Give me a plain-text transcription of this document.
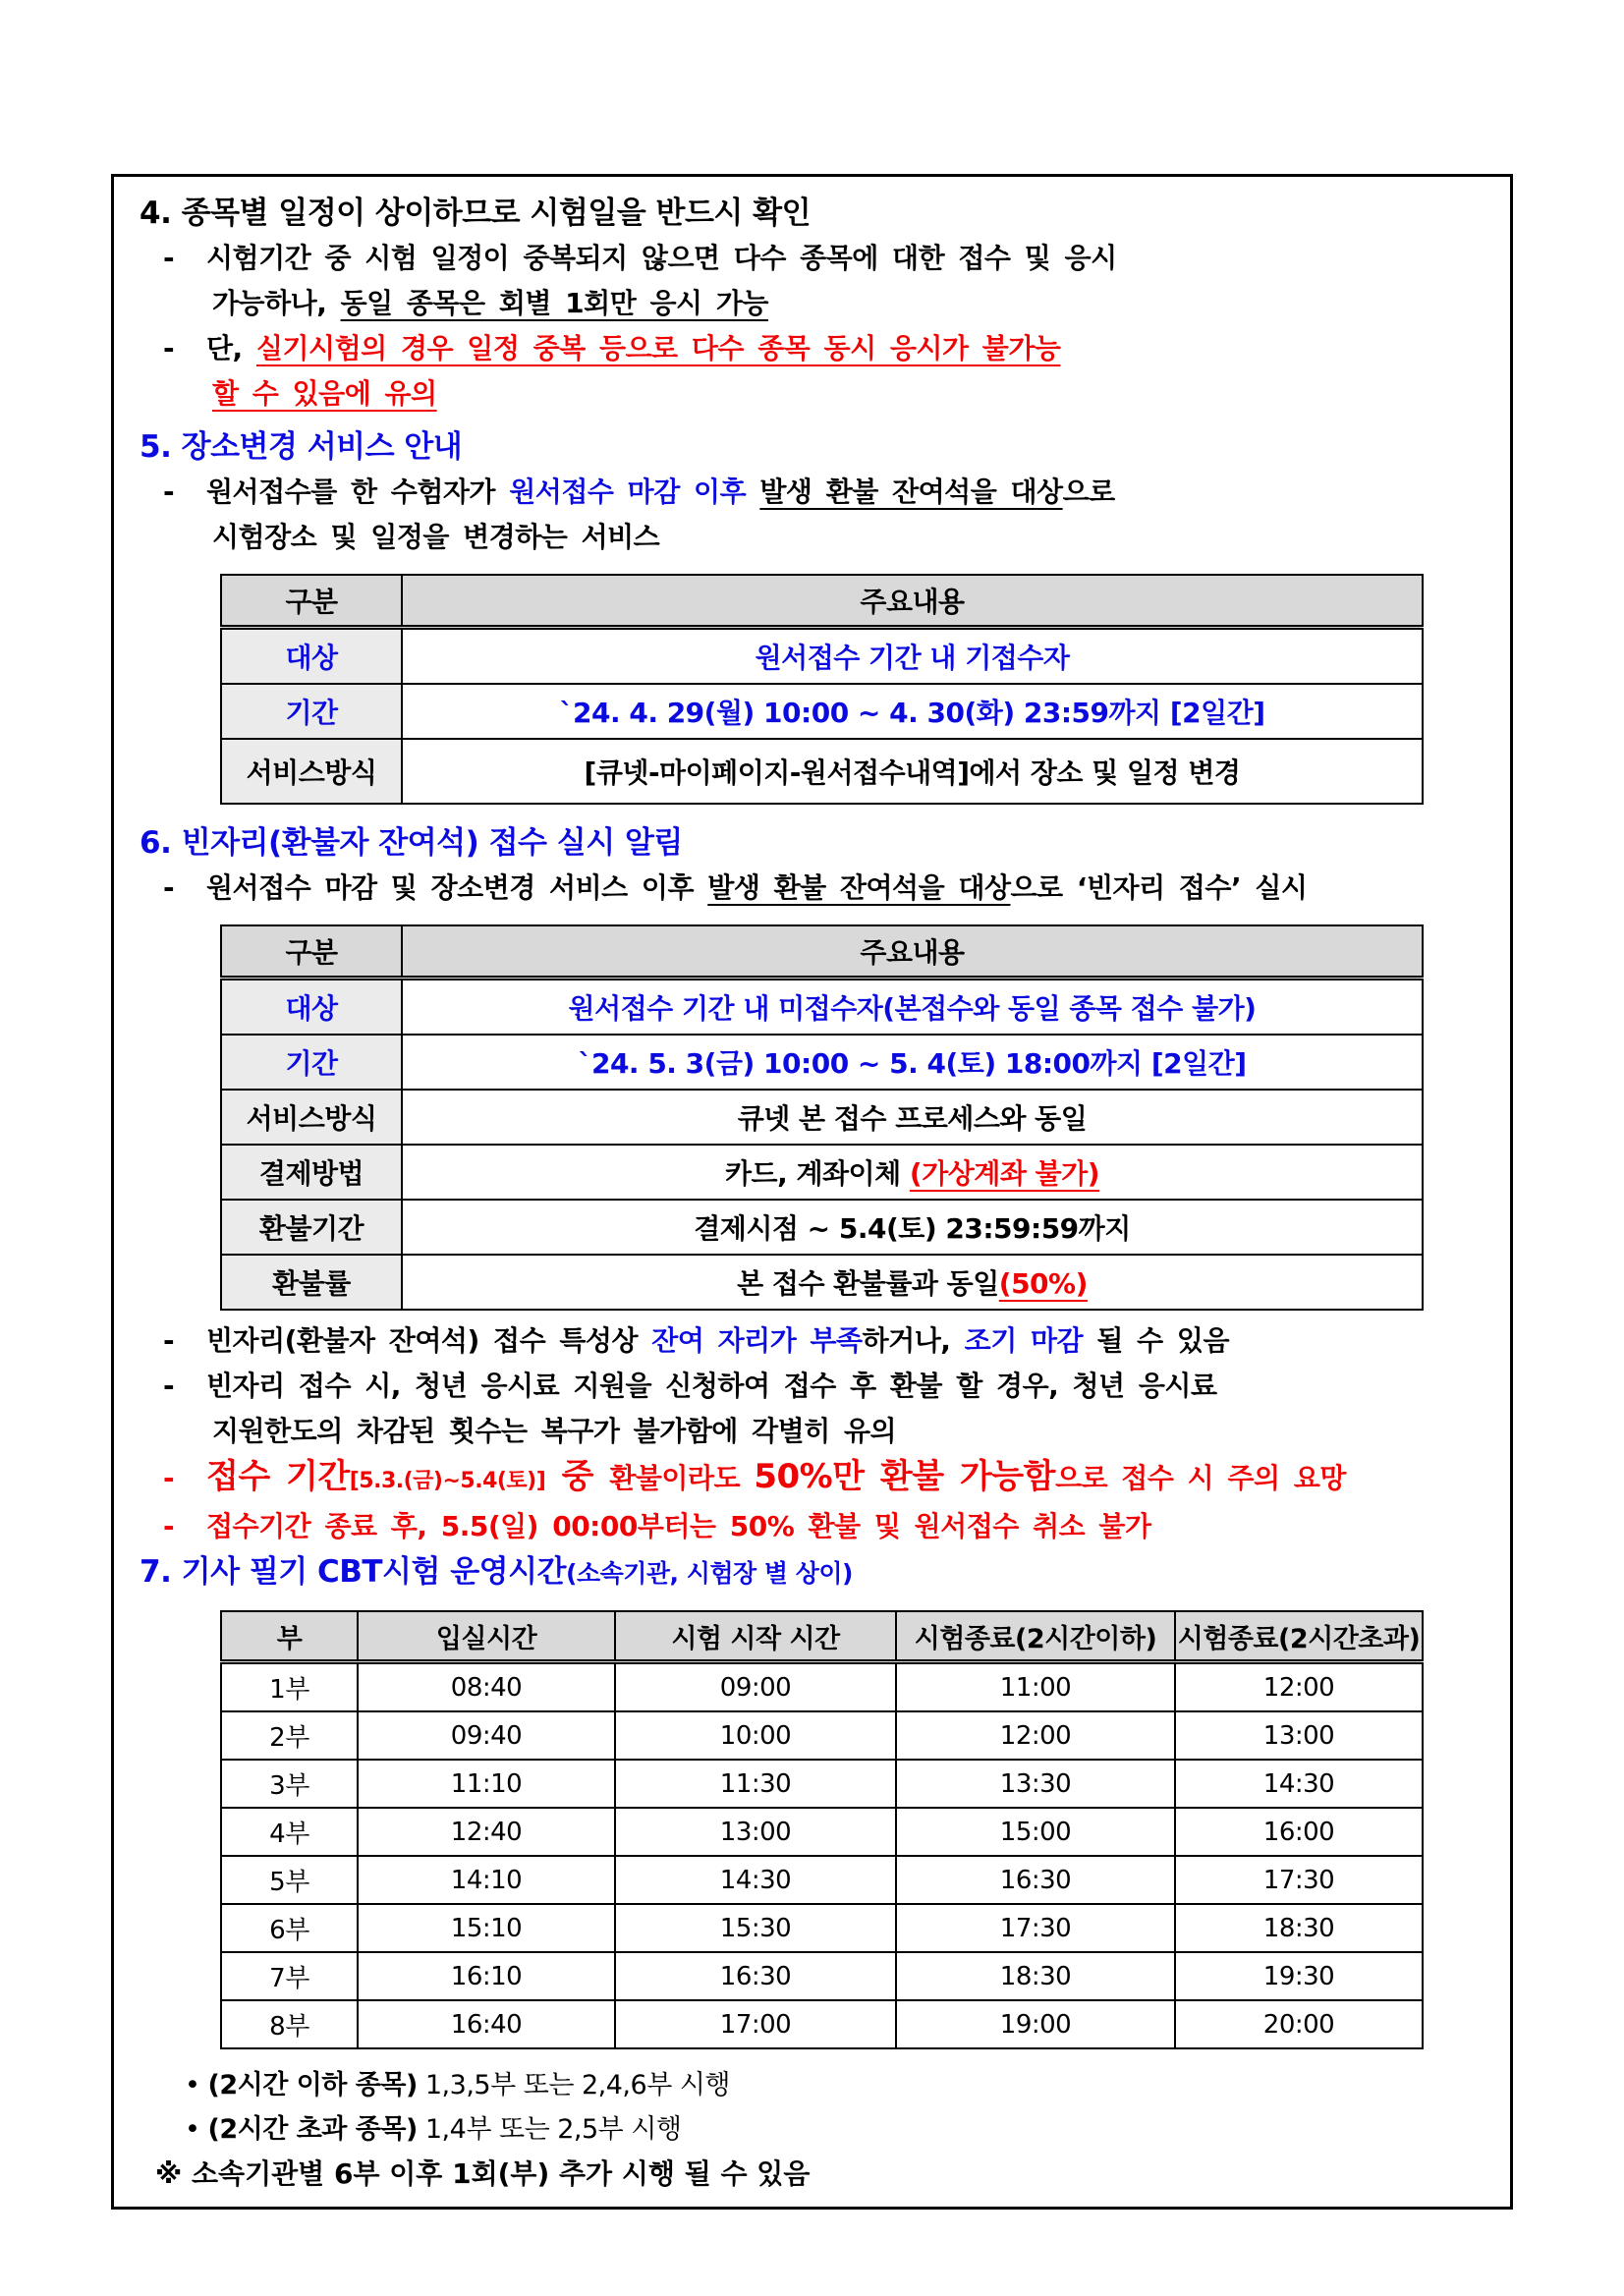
4. 종목별 일정이 상이하므로 시험일을 반드시 확인
- 시험기간 중 시험 일정이 중복되지 않으면 다수 종목에 대한 접수 및 응시
가능하나, 동일 종목은 회별 1회만 응시 가능
- 단, 실기시험의 경우 일정 중복 등으로 다수 종목 동시 응시가 불가능
할 수 있음에 유의
5. 장소변경 서비스 안내
- 원서접수를 한 수험자가 원서접수 마감 이후 발생 환불 잔여석을 대상으로
시험장소 및 일정을 변경하는 서비스
구분	주요내용
대상	원서접수 기간 내 기접수자
기간	`24. 4. 29(월) 10:00 ~ 4. 30(화) 23:59까지 [2일간]
서비스방식	[큐넷-마이페이지-원서접수내역]에서 장소 및 일정 변경
6. 빈자리(환불자 잔여석) 접수 실시 알림
- 원서접수 마감 및 장소변경 서비스 이후 발생 환불 잔여석을 대상으로 ‘빈자리 접수’ 실시
구분	주요내용
대상	원서접수 기간 내 미접수자(본접수와 동일 종목 접수 불가)
기간	`24. 5. 3(금) 10:00 ~ 5. 4(토) 18:00까지 [2일간]
서비스방식	큐넷 본 접수 프로세스와 동일
결제방법	카드, 계좌이체 (가상계좌 불가)
환불기간	결제시점 ~ 5.4(토) 23:59:59까지
환불률	본 접수 환불률과 동일(50%)
- 빈자리(환불자 잔여석) 접수 특성상 잔여 자리가 부족하거나, 조기 마감 될 수 있음
- 빈자리 접수 시, 청년 응시료 지원을 신청하여 접수 후 환불 할 경우, 청년 응시료
지원한도의 차감된 횟수는 복구가 불가함에 각별히 유의
- 접수 기간[5.3.(금)~5.4(토)] 중 환불이라도 50%만 환불 가능함으로 접수 시 주의 요망
- 접수기간 종료 후, 5.5(일) 00:00부터는 50% 환불 및 원서접수 취소 불가
7. 기사 필기 CBT시험 운영시간(소속기관, 시험장 별 상이)
부	입실시간	시험 시작 시간	시험종료(2시간이하)	시험종료(2시간초과)
1부	08:40	09:00	11:00	12:00
2부	09:40	10:00	12:00	13:00
3부	11:10	11:30	13:30	14:30
4부	12:40	13:00	15:00	16:00
5부	14:10	14:30	16:30	17:30
6부	15:10	15:30	17:30	18:30
7부	16:10	16:30	18:30	19:30
8부	16:40	17:00	19:00	20:00
• (2시간 이하 종목) 1,3,5부 또는 2,4,6부 시행
• (2시간 초과 종목) 1,4부 또는 2,5부 시행
※ 소속기관별 6부 이후 1회(부) 추가 시행 될 수 있음
